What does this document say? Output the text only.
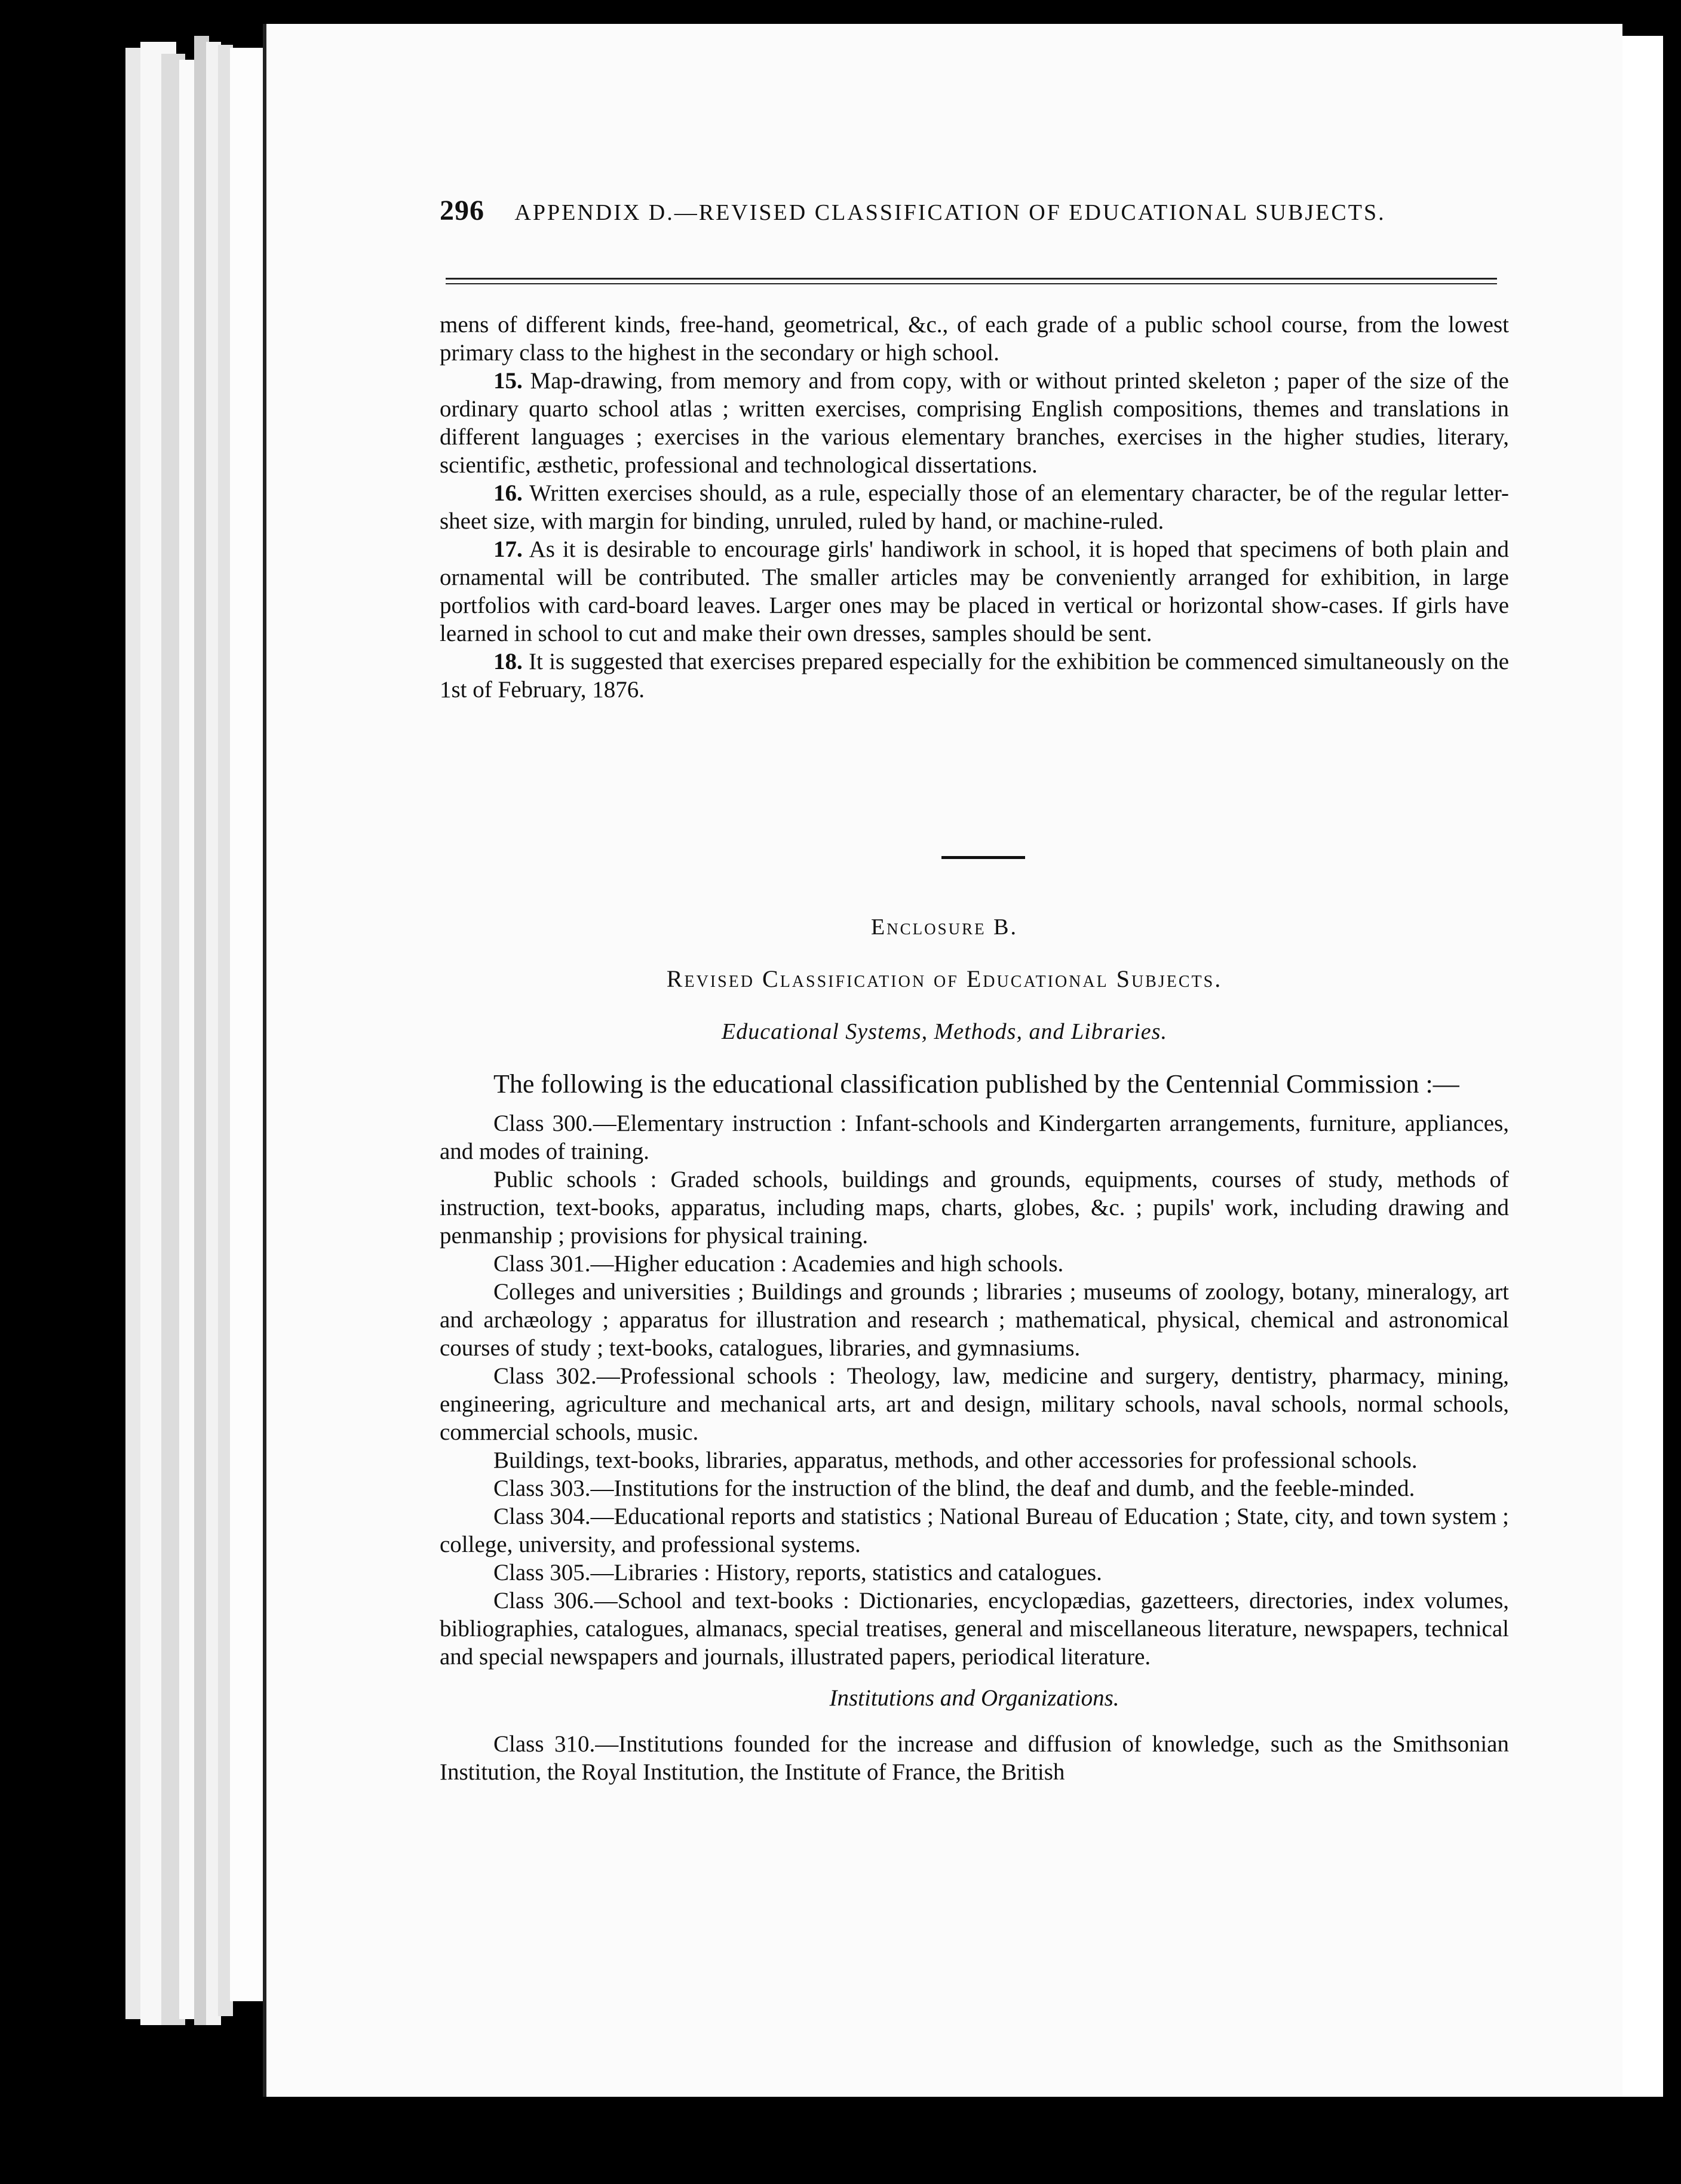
296 APPENDIX D.—REVISED CLASSIFICATION OF EDUCATIONAL SUBJECTS.

mens of different kinds, free-hand, geometrical, &c., of each grade of a public school course, from the lowest primary class to the highest in the secondary or high school.

15. Map-drawing, from memory and from copy, with or without printed skeleton ; paper of the size of the ordinary quarto school atlas ; written exercises, comprising English compositions, themes and translations in different languages ; exercises in the various elementary branches, exercises in the higher studies, literary, scientific, æsthetic, professional and technological dissertations.

16. Written exercises should, as a rule, especially those of an elementary character, be of the regular letter-sheet size, with margin for binding, unruled, ruled by hand, or machine-ruled.

17. As it is desirable to encourage girls' handiwork in school, it is hoped that specimens of both plain and ornamental will be contributed. The smaller articles may be conveniently arranged for exhibition, in large portfolios with card-board leaves. Larger ones may be placed in vertical or horizontal show-cases. If girls have learned in school to cut and make their own dresses, samples should be sent.

18. It is suggested that exercises prepared especially for the exhibition be commenced simultaneously on the 1st of February, 1876.

Enclosure B.
Revised Classification of Educational Subjects.
Educational Systems, Methods, and Libraries.

The following is the educational classification published by the Centennial Commission :—

Class 300.—Elementary instruction : Infant-schools and Kindergarten arrangements, furniture, appliances, and modes of training.

Public schools : Graded schools, buildings and grounds, equipments, courses of study, methods of instruction, text-books, apparatus, including maps, charts, globes, &c. ; pupils' work, including drawing and penmanship ; provisions for physical training.

Class 301.—Higher education : Academies and high schools.

Colleges and universities ; Buildings and grounds ; libraries ; museums of zoology, botany, mineralogy, art and archæology ; apparatus for illustration and research ; mathematical, physical, chemical and astronomical courses of study ; text-books, catalogues, libraries, and gymnasiums.

Class 302.—Professional schools : Theology, law, medicine and surgery, dentistry, pharmacy, mining, engineering, agriculture and mechanical arts, art and design, military schools, naval schools, normal schools, commercial schools, music.

Buildings, text-books, libraries, apparatus, methods, and other accessories for professional schools.

Class 303.—Institutions for the instruction of the blind, the deaf and dumb, and the feeble-minded.

Class 304.—Educational reports and statistics ; National Bureau of Education ; State, city, and town system ; college, university, and professional systems.

Class 305.—Libraries : History, reports, statistics and catalogues.

Class 306.—School and text-books : Dictionaries, encyclopædias, gazetteers, directories, index volumes, bibliographies, catalogues, almanacs, special treatises, general and miscellaneous literature, newspapers, technical and special newspapers and journals, illustrated papers, periodical literature.

Institutions and Organizations.

Class 310.—Institutions founded for the increase and diffusion of knowledge, such as the Smithsonian Institution, the Royal Institution, the Institute of France, the British
